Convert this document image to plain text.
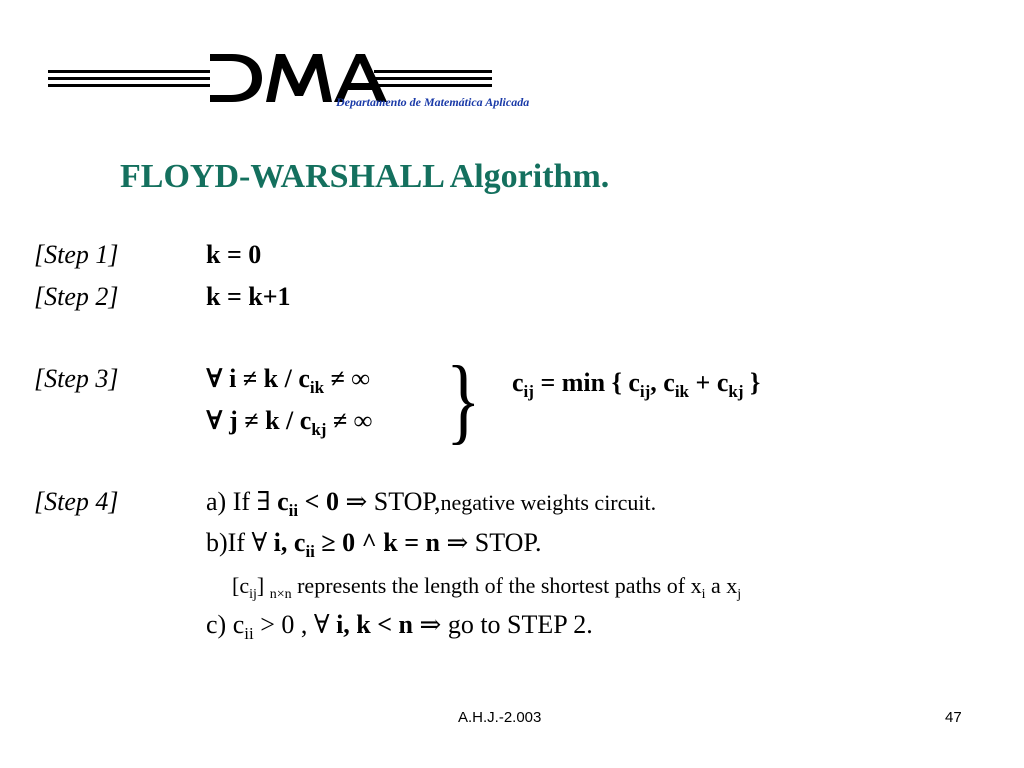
Departamento de Matemática Aplicada
FLOYD-WARSHALL Algorithm.
[Step 1]	k = 0
[Step 2]	k = k+1
[Step 3]	∀ $i \ne k / c_{ik}$ ≠ ∞
∀ $j \ne k / c_{kj}$ ≠ ∞ } $c_{ij} = \min$ { $c_{ij}$, $c_{ik} + c_{kj}$ }
[Step 4]	a) If ∃ $c_{ii} < 0$ ⇒ STOP,negative weights circuit.
b)If ∀ i, $c_{ii} \ge 0$ ^ k = n ⇒ STOP.
$[c_{ij}]$ $_{n\times n}$ represents the length of the shortest paths of $x_i$ a $x_j$
c) $c_{ii} > 0$ , ∀ i, k < n ⇒ go to STEP 2.
A.H.J.-2.003	47
